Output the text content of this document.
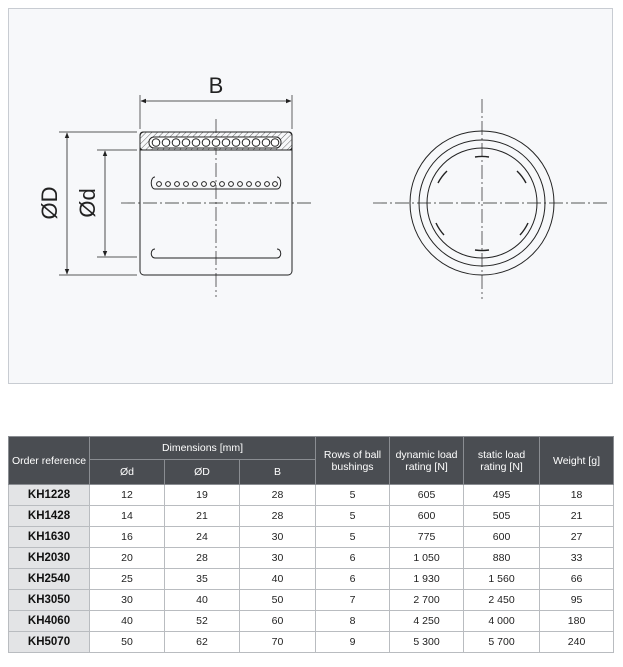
B
ØD Ød
Order reference	Dimensions [mm]			Rows of ball bushings	dynamic load rating [N]	static load rating [N]	Weight [g]
	Ød	ØD	B				
KH1228	12	19	28	5	605	495	18
KH1428	14	21	28	5	600	505	21
KH1630	16	24	30	5	775	600	27
KH2030	20	28	30	6	1 050	880	33
KH2540	25	35	40	6	1 930	1 560	66
KH3050	30	40	50	7	2 700	2 450	95
KH4060	40	52	60	8	4 250	4 000	180
KH5070	50	62	70	9	5 300	5 700	240
